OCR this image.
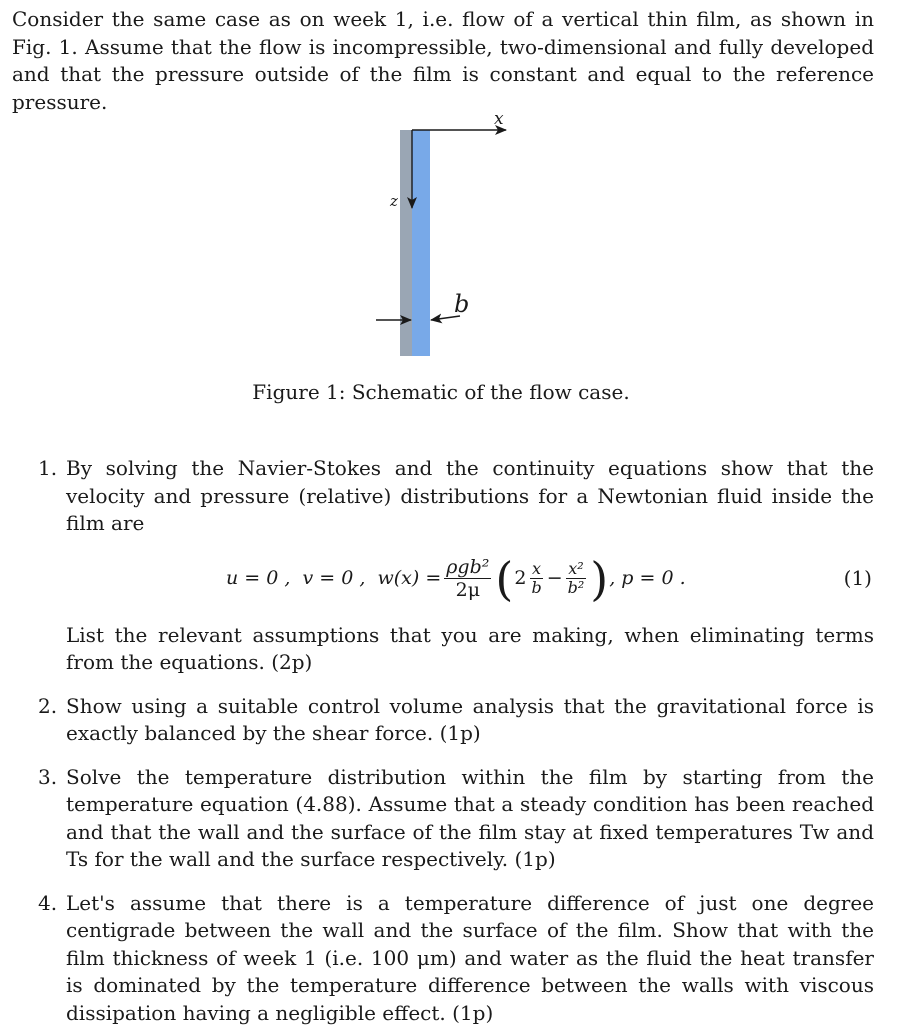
Consider the same case as on week 1, i.e. flow of a vertical thin film, as shown in Fig. 1. Assume that the flow is incompressible, two-dimensional and fully developed and that the pressure outside of the film is constant and equal to the reference pressure.
x
z
b
Figure 1: Schematic of the flow case.
1. By solving the Navier-Stokes and the continuity equations show that the velocity and pressure (relative) distributions for a Newtonian fluid inside the film are

u = 0 ,
v = 0 ,
$w(x) = \frac{\text{ρgb²}}{2\mu}$ ( $2 \frac{x}{b} - \frac{\text{x²}}{\text{b²}}$ ) , p = 0 .	(1)

List the relevant assumptions that you are making, when eliminating terms from the equations. (2p)

2. Show using a suitable control volume analysis that the gravitational force is exactly balanced by the shear force. (1p)

3. Solve the temperature distribution within the film by starting from the temperature equation (4.88). Assume that a steady condition has been reached and that the wall and the surface of the film stay at fixed temperatures Tw and Ts for the wall and the surface respectively. (1p)

4. Let's assume that there is a temperature difference of just one degree centigrade between the wall and the surface of the film. Show that with the film thickness of week 1 (i.e. 100 μm) and water as the fluid the heat transfer is dominated by the temperature difference between the walls with viscous dissipation having a negligible effect. (1p)
